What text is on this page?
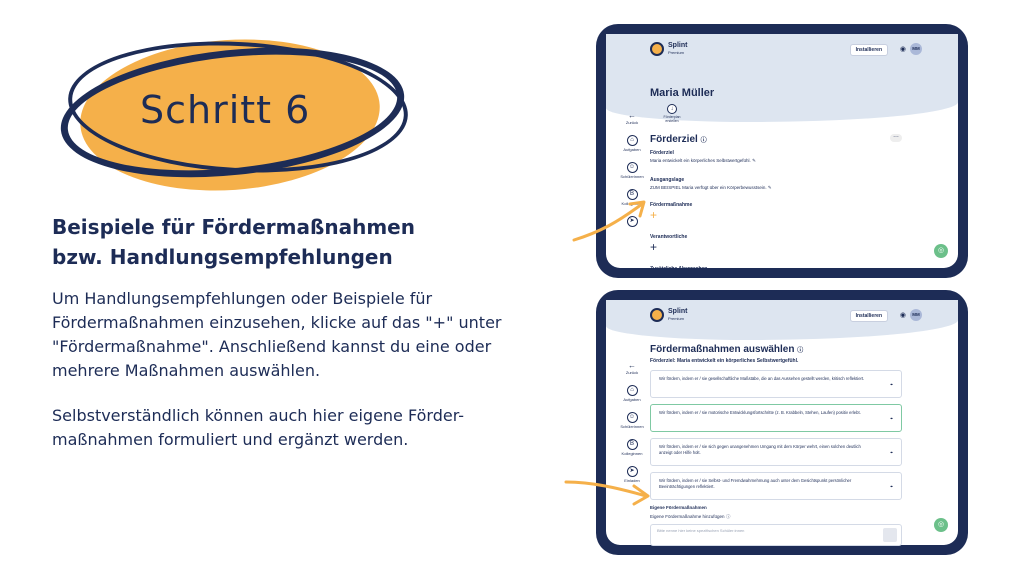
Schritt 6
Beispiele für Fördermaßnahmen bzw. Handlungsempfehlungen
Um Handlungsempfehlungen oder Beispiele für Fördermaßnahmen einzusehen, klicke auf das "+" unter "Fördermaßnahme". Anschließend kannst du eine oder mehrere Maßnahmen auswählen.
Selbstverständlich können auch hier eigene Förder-maßnahmen formuliert und ergänzt werden.
Splint
Premium	Installieren	◉	MM
←
Zurück
⌂
Aufgaben
☺
Schülerinnen
B
Kolleginnen
➤
Maria Müller
↓
Förderplan erstellen
Förderziel ⓘ
…
Förderziel
Maria entwickelt ein körperliches Selbstwertgefühl. ✎
Ausgangslage
ZUM BEISPIEL Maria verfügt über ein Körperbewusstsein. ✎
Fördermaßnahme
+
Verantwortliche
+
Zusätzliche Absprachen
◎
Splint
Premium	Installieren	◉	MM
←
Zurück
⌂
Aufgaben
☺
Schülerinnen
B
Kolleginnen
➤
Einladen
Fördermaßnahmen auswählen ⓘ
Förderziel: Maria entwickelt ein körperliches Selbstwertgefühl.
Wir fördern, indem er / sie gesellschaftliche Maßstäbe, die an das Aussehen gestellt werden, kritisch reflektiert.
⌖
Wir fördern, indem er / sie motorische Entwicklungsfortschritte (z. B. Krabbeln, Stehen, Laufen) positiv erlebt.
⌖
Wir fördern, indem er / sie sich gegen unangenehmen Umgang mit dem Körper wehrt, einen solchen deutlich anzeigt oder Hilfe holt.	⌖
Wir fördern, indem er / sie Selbst- und Fremdwahrnehmung auch unter dem Gesichtspunkt persönlicher Beeinträchtigungen reflektiert.	⌖
Eigene Fördermaßnahmen
Eigene Fördermaßnahme hinzufügen ⓘ
Bitte nenne hier keine spezifischen Schüler:innen
◎
